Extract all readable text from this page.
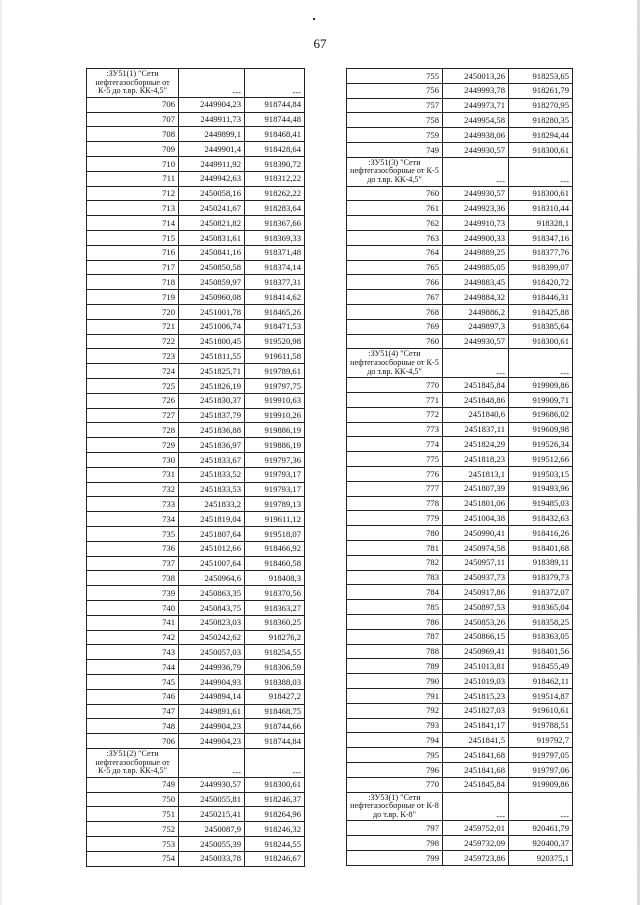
67
:ЗУ51(1) "Сети нефтегазосборные от К-5 до т.вр. КК-4,5"	---	---
706	2449904,23	918744,84
707	2449911,73	918744,48
708	2449899,1	918468,41
709	2449901,4	918428,64
710	2449911,92	918390,72
711	2449942,63	918312,22
712	2450058,16	918262,22
713	2450241,67	918283,64
714	2450821,82	918367,66
715	2450831,61	918369,33
716	2450841,16	918371,48
717	2450850,58	918374,14
718	2450859,97	918377,31
719	2450960,08	918414,62
720	2451001,78	918465,26
721	2451006,74	918471,53
722	2451800,45	919520,98
723	2451811,55	919611,58
724	2451825,71	919789,61
725	2451826,19	919797,75
726	2451830,37	919910,63
727	2451837,79	919910,26
728	2451836,88	919886,19
729	2451836,97	919886,19
730	2451833,67	919797,36
731	2451833,52	919793,17
732	2451833,53	919793,17
733	2451833,2	919789,13
734	2451819,04	919611,12
735	2451807,64	919518,07
736	2451012,66	918466,92
737	2451007,64	918460,58
738	2450964,6	918408,3
739	2450863,35	918370,56
740	2450843,75	918363,27
741	2450823,03	918360,25
742	2450242,62	918276,2
743	2450057,03	918254,55
744	2449936,79	918306,59
745	2449904,93	918388,03
746	2449894,14	918427,2
747	2449891,61	918468,75
748	2449904,23	918744,66
706	2449904,23	918744,84
:ЗУ51(2) "Сети нефтегазосборные от К-5 до т.вр. КК-4,5"	---	---
749	2449930,57	918300,61
750	2450055,81	918246,37
751	2450215,41	918264,96
752	2450087,9	918246,32
753	2450055,39	918244,55
754	2450033,78	918246,67
755	2450013,26	918253,65
756	2449993,78	918261,79
757	2449973,71	918270,95
758	2449954,58	918280,35
759	2449938,06	918294,44
749	2449930,57	918300,61
:ЗУ51(3) "Сети нефтегазосборные от К-5 до т.вр. КК-4,5"	---	---
760	2449930,57	918300,61
761	2449923,36	918310,44
762	2449910,73	918328,1
763	2449900,33	918347,16
764	2449889,25	918377,76
765	2449885,05	918399,07
766	2449883,45	918420,72
767	2449884,32	918446,31
768	2449886,2	918425,88
769	2449897,3	918385,64
760	2449930,57	918300,61
:ЗУ51(4) "Сети нефтегазосборные от К-5 до т.вр. КК-4,5"	---	---
770	2451845,84	919909,86
771	2451848,86	919909,71
772	2451840,6	919686,02
773	2451837,11	919609,98
774	2451824,29	919526,34
775	2451818,23	919512,66
776	2451813,1	919503,15
777	2451807,39	919493,96
778	2451801,06	919485,03
779	2451004,38	918432,63
780	2450990,41	918416,26
781	2450974,58	918401,68
782	2450957,11	918389,11
783	2450937,73	918379,73
784	2450917,86	918372,07
785	2450897,53	918365,04
786	2450853,26	918358,25
787	2450866,15	918363,05
788	2450969,41	918401,56
789	2451013,81	918455,49
790	2451019,03	918462,11
791	2451815,23	919514,87
792	2451827,03	919610,61
793	2451841,17	919788,51
794	2451841,5	919792,7
795	2451841,68	919797,05
796	2451841,68	919797,06
770	2451845,84	919909,86
:ЗУ53(1) "Сети нефтегазосборные от К-8 до т.вр. К-8"	---	---
797	2459752,01	920461,79
798	2459732,09	920400,37
799	2459723,86	920375,1
